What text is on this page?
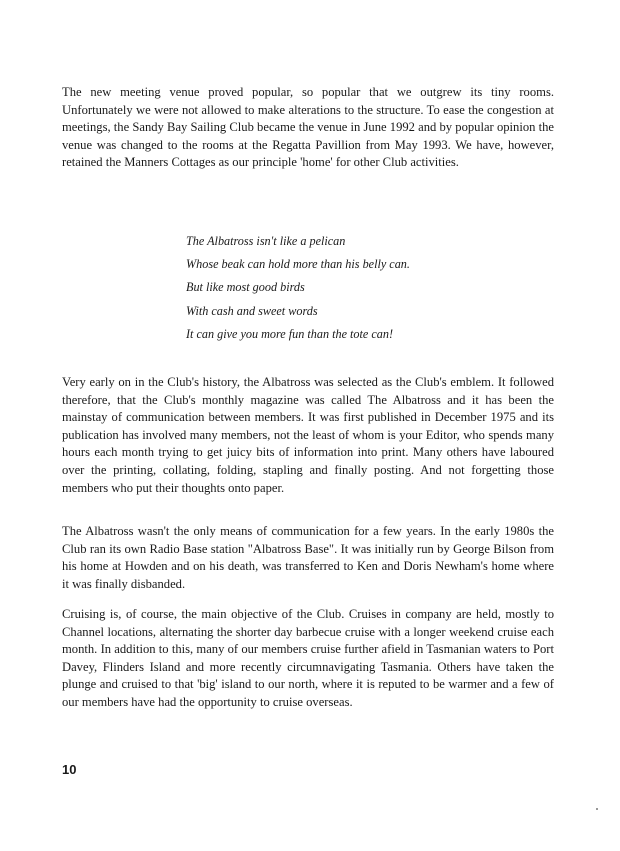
The new meeting venue proved popular, so popular that we outgrew its tiny rooms. Unfortunately we were not allowed to make alterations to the structure. To ease the congestion at meetings, the Sandy Bay Sailing Club became the venue in June 1992 and by popular opinion the venue was changed to the rooms at the Regatta Pavillion from May 1993. We have, however, retained the Manners Cottages as our principle 'home' for other Club activities.

The Albatross isn't like a pelican
Whose beak can hold more than his belly can.
But like most good birds
With cash and sweet words
It can give you more fun than the tote can!

Very early on in the Club's history, the Albatross was selected as the Club's emblem. It followed therefore, that the Club's monthly magazine was called The Albatross and it has been the mainstay of communication between members. It was first published in December 1975 and its publication has involved many members, not the least of whom is your Editor, who spends many hours each month trying to get juicy bits of information into print. Many others have laboured over the printing, collating, folding, stapling and finally posting. And not forgetting those members who put their thoughts onto paper.

The Albatross wasn't the only means of communication for a few years. In the early 1980s the Club ran its own Radio Base station "Albatross Base". It was initially run by George Bilson from his home at Howden and on his death, was transferred to Ken and Doris Newham's home where it was finally disbanded.

Cruising is, of course, the main objective of the Club. Cruises in company are held, mostly to Channel locations, alternating the shorter day barbecue cruise with a longer weekend cruise each month. In addition to this, many of our members cruise further afield in Tasmanian waters to Port Davey, Flinders Island and more recently circumnavigating Tasmania. Others have taken the plunge and cruised to that 'big' island to our north, where it is reputed to be warmer and a few of our members have had the opportunity to cruise overseas.

10
